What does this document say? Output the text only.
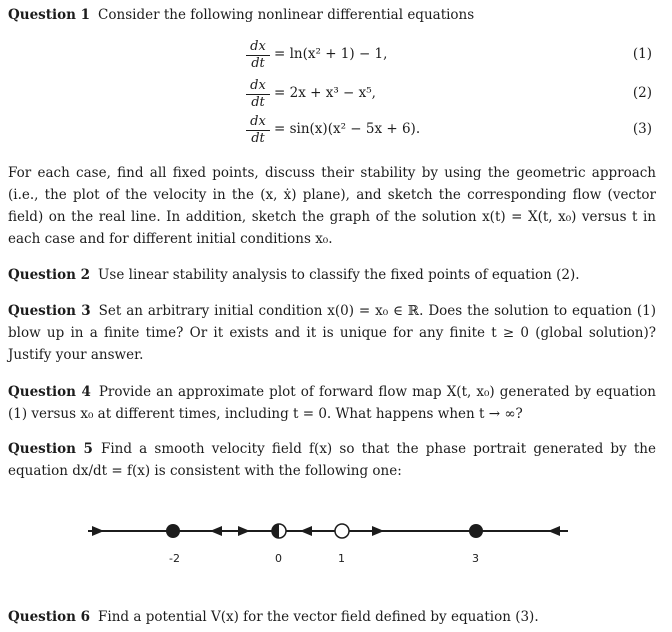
Question 1 Consider the following nonlinear differential equations
dx
dt
= ln(x² + 1) − 1,	(1)
dx
dt
= 2x + x³ − x⁵,	(2)
dx
dt
= sin(x)(x² − 5x + 6).	(3)
For each case, find all fixed points, discuss their stability by using the geometric approach (i.e., the plot of the velocity in the (x, ẋ) plane), and sketch the corresponding flow (vector field) on the real line. In addition, sketch the graph of the solution x(t) = X(t, x₀) versus t in each case and for different initial conditions x₀.
Question 2 Use linear stability analysis to classify the fixed points of equation (2).
Question 3 Set an arbitrary initial condition x(0) = x₀ ∈ ℝ. Does the solution to equation (1) blow up in a finite time? Or it exists and it is unique for any finite t ≥ 0 (global solution)? Justify your answer.
Question 4 Provide an approximate plot of forward flow map X(t, x₀) generated by equation (1) versus x₀ at different times, including t = 0. What happens when t → ∞?
Question 5 Find a smooth velocity field f(x) so that the phase portrait generated by the equation dx/dt = f(x) is consistent with the following one:
Question 6 Find a potential V(x) for the vector field defined by equation (3).
-2	0	1	3
